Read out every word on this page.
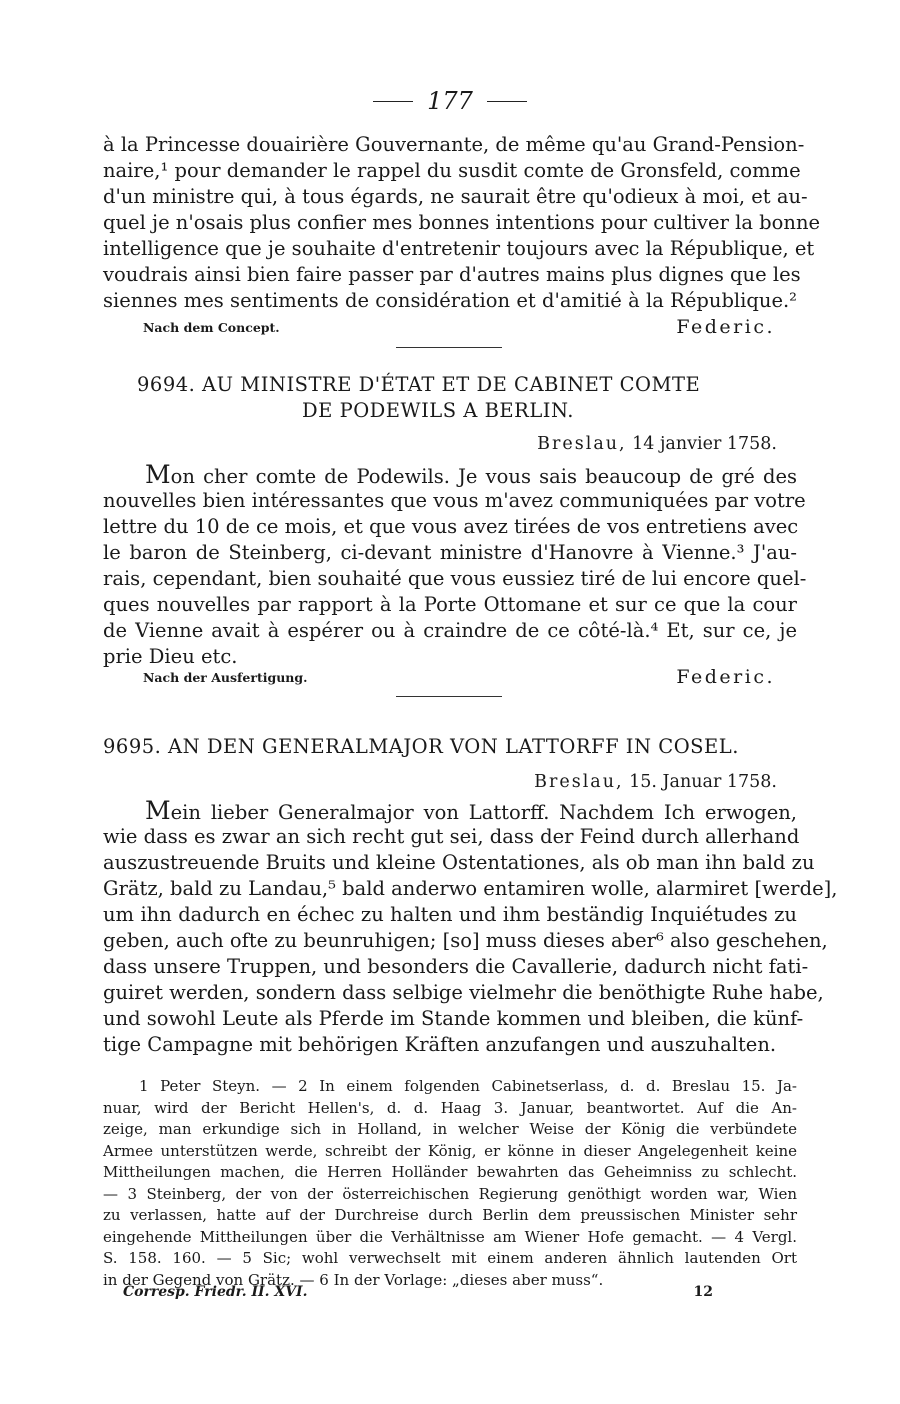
177
à la Princesse douairière Gouvernante, de même qu'au Grand-Pension-
naire,¹ pour demander le rappel du susdit comte de Gronsfeld, comme
d'un ministre qui, à tous égards, ne saurait être qu'odieux à moi, et au-
quel je n'osais plus confier mes bonnes intentions pour cultiver la bonne
intelligence que je souhaite d'entretenir toujours avec la République, et
voudrais ainsi bien faire passer par d'autres mains plus dignes que les
siennes mes sentiments de considération et d'amitié à la République.²
Nach dem Concept.	Federic.
9694. AU MINISTRE D'ÉTAT ET DE CABINET COMTE
DE PODEWILS A BERLIN.
Breslau, 14 janvier 1758.
Mon cher comte de Podewils. Je vous sais beaucoup de gré des
nouvelles bien intéressantes que vous m'avez communiquées par votre
lettre du 10 de ce mois, et que vous avez tirées de vos entretiens avec
le baron de Steinberg, ci-devant ministre d'Hanovre à Vienne.³ J'au-
rais, cependant, bien souhaité que vous eussiez tiré de lui encore quel-
ques nouvelles par rapport à la Porte Ottomane et sur ce que la cour
de Vienne avait à espérer ou à craindre de ce côté-là.⁴ Et, sur ce, je
prie Dieu etc.
Nach der Ausfertigung.	Federic.
9695. AN DEN GENERALMAJOR VON LATTORFF IN COSEL.
Breslau, 15. Januar 1758.
Mein lieber Generalmajor von Lattorff. Nachdem Ich erwogen,
wie dass es zwar an sich recht gut sei, dass der Feind durch allerhand
auszustreuende Bruits und kleine Ostentationes, als ob man ihn bald zu
Grätz, bald zu Landau,⁵ bald anderwo entamiren wolle, alarmiret [werde],
um ihn dadurch en échec zu halten und ihm beständig Inquiétudes zu
geben, auch ofte zu beunruhigen; [so] muss dieses aber⁶ also geschehen,
dass unsere Truppen, und besonders die Cavallerie, dadurch nicht fati-
guiret werden, sondern dass selbige vielmehr die benöthigte Ruhe habe,
und sowohl Leute als Pferde im Stande kommen und bleiben, die künf-
tige Campagne mit behörigen Kräften anzufangen und auszuhalten.
1 Peter Steyn. — 2 In einem folgenden Cabinetserlass, d. d. Breslau 15. Ja-
nuar, wird der Bericht Hellen's, d. d. Haag 3. Januar, beantwortet. Auf die An-
zeige, man erkundige sich in Holland, in welcher Weise der König die verbündete
Armee unterstützen werde, schreibt der König, er könne in dieser Angelegenheit keine
Mittheilungen machen, die Herren Holländer bewahrten das Geheimniss zu schlecht.
— 3 Steinberg, der von der österreichischen Regierung genöthigt worden war, Wien
zu verlassen, hatte auf der Durchreise durch Berlin dem preussischen Minister sehr
eingehende Mittheilungen über die Verhältnisse am Wiener Hofe gemacht. — 4 Vergl.
S. 158. 160. — 5 Sic; wohl verwechselt mit einem anderen ähnlich lautenden Ort
in der Gegend von Grätz. — 6 In der Vorlage: „dieses aber muss“.
Corresp. Friedr. II. XVI.	12
